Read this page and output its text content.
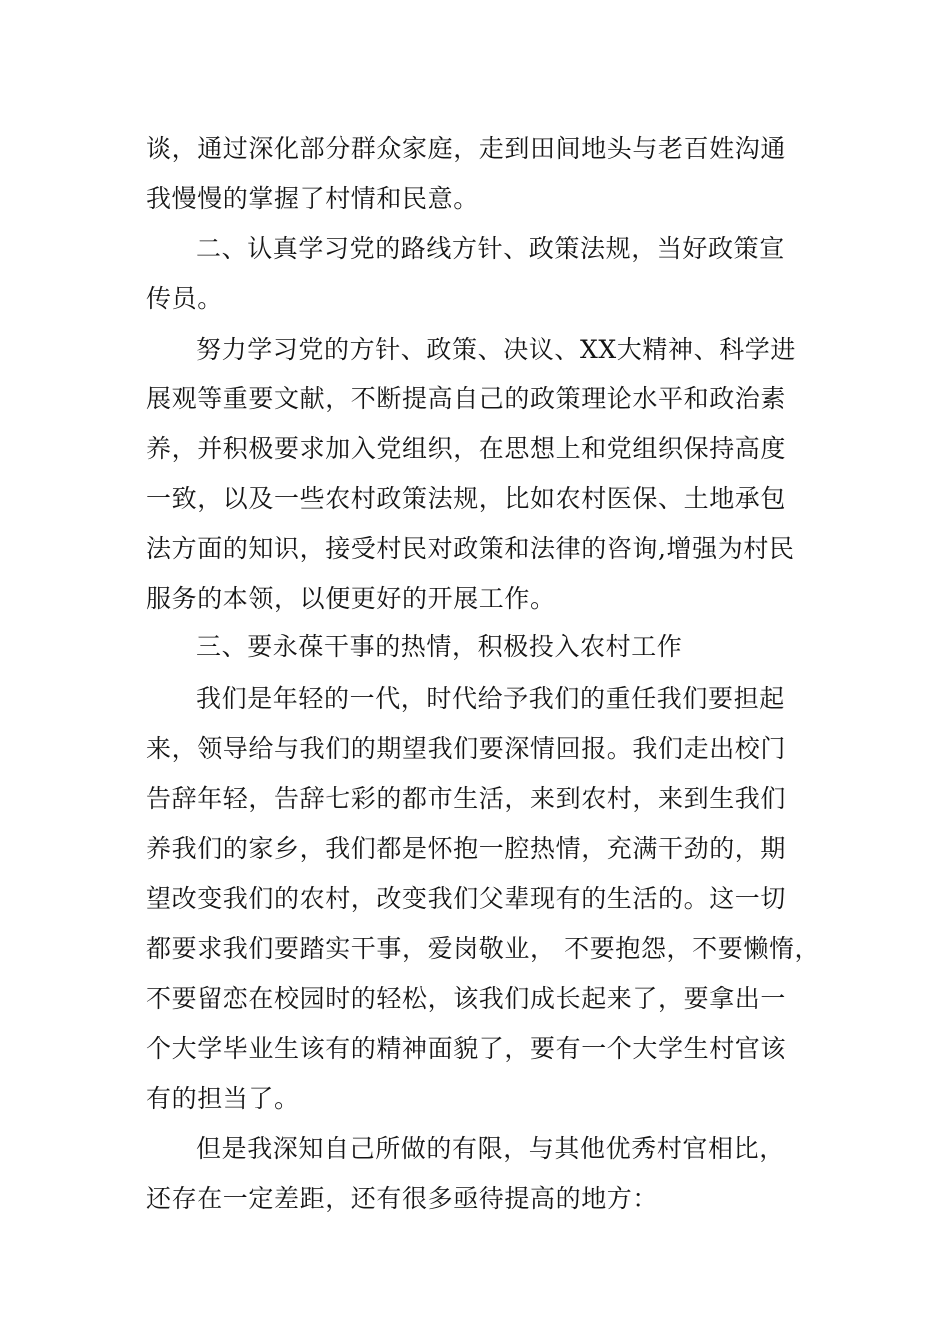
谈，通过深化部分群众家庭，走到田间地头与老百姓沟通
我慢慢的掌握了村情和民意。
二、认真学习党的路线方针、政策法规，当好政策宣
传员。
努力学习党的方针、政策、决议、XX大精神、科学进
展观等重要文献，不断提高自己的政策理论水平和政治素
养，并积极要求加入党组织，在思想上和党组织保持高度
一致，以及一些农村政策法规，比如农村医保、土地承包
法方面的知识，接受村民对政策和法律的咨询,增强为村民
服务的本领，以便更好的开展工作。
三、要永葆干事的热情，积极投入农村工作
我们是年轻的一代，时代给予我们的重任我们要担起
来，领导给与我们的期望我们要深情回报。我们走出校门
告辞年轻，告辞七彩的都市生活，来到农村，来到生我们
养我们的家乡，我们都是怀抱一腔热情，充满干劲的，期
望改变我们的农村，改变我们父辈现有的生活的。这一切
都要求我们要踏实干事，爱岗敬业， 不要抱怨，不要懒惰，
不要留恋在校园时的轻松，该我们成长起来了，要拿出一
个大学毕业生该有的精神面貌了，要有一个大学生村官该
有的担当了。
但是我深知自己所做的有限，与其他优秀村官相比，
还存在一定差距，还有很多亟待提高的地方：
